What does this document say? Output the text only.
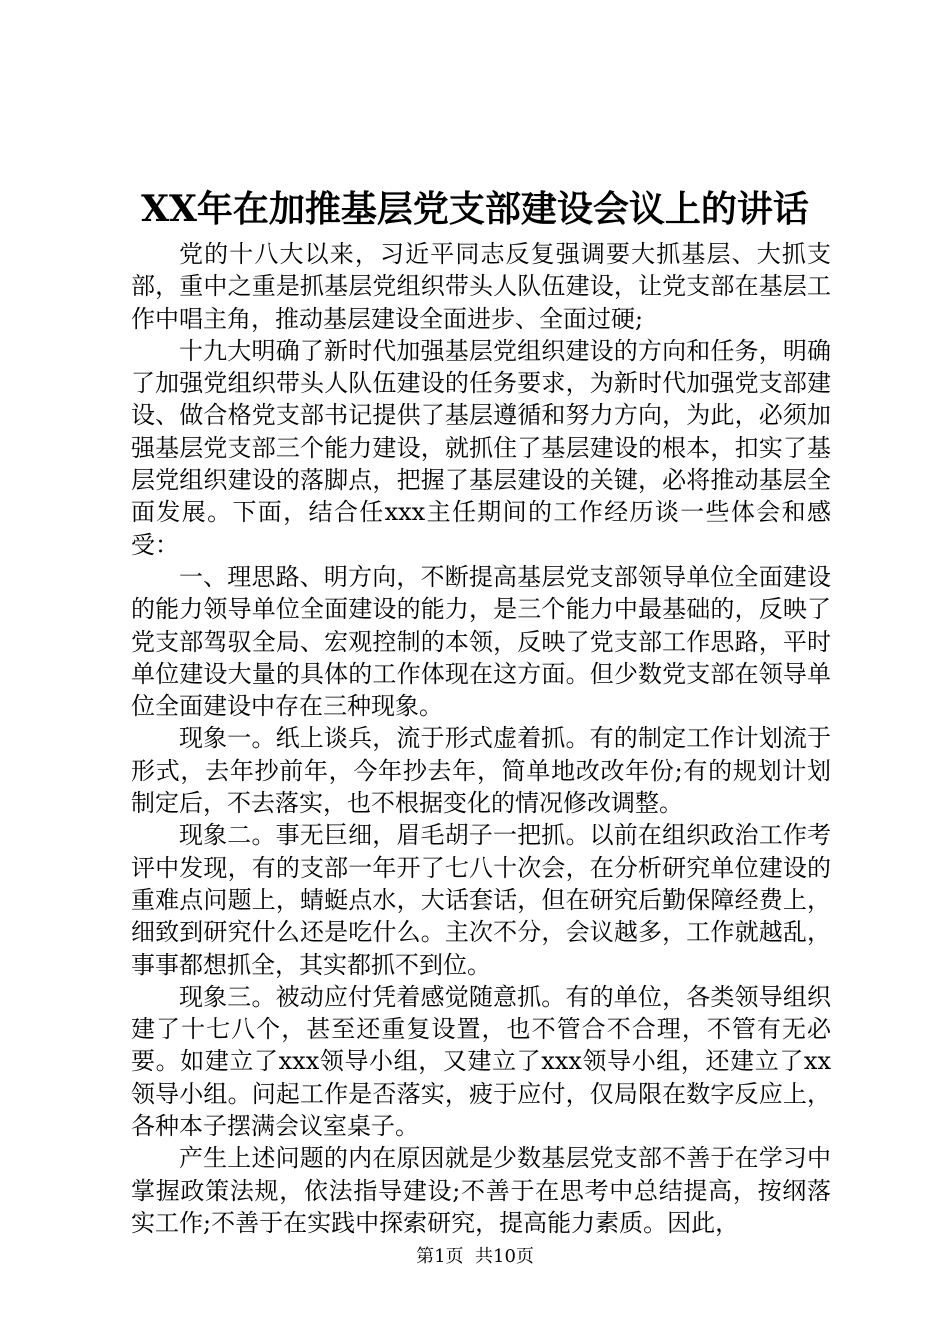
XX年在加推基层党支部建设会议上的讲话

党的十八大以来，习近平同志反复强调要大抓基层、大抓支部，重中之重是抓基层党组织带头人队伍建设，让党支部在基层工作中唱主角，推动基层建设全面进步、全面过硬;

十九大明确了新时代加强基层党组织建设的方向和任务，明确了加强党组织带头人队伍建设的任务要求，为新时代加强党支部建设、做合格党支部书记提供了基层遵循和努力方向，为此，必须加强基层党支部三个能力建设，就抓住了基层建设的根本，扣实了基层党组织建设的落脚点，把握了基层建设的关键，必将推动基层全面发展。下面，结合任xxx主任期间的工作经历谈一些体会和感受：

一、理思路、明方向，不断提高基层党支部领导单位全面建设的能力领导单位全面建设的能力，是三个能力中最基础的，反映了党支部驾驭全局、宏观控制的本领，反映了党支部工作思路，平时单位建设大量的具体的工作体现在这方面。但少数党支部在领导单位全面建设中存在三种现象。

现象一。纸上谈兵，流于形式虚着抓。有的制定工作计划流于形式，去年抄前年，今年抄去年，简单地改改年份;有的规划计划制定后，不去落实，也不根据变化的情况修改调整。

现象二。事无巨细，眉毛胡子一把抓。以前在组织政治工作考评中发现，有的支部一年开了七八十次会，在分析研究单位建设的重难点问题上，蜻蜓点水，大话套话，但在研究后勤保障经费上，细致到研究什么还是吃什么。主次不分，会议越多，工作就越乱，事事都想抓全，其实都抓不到位。

现象三。被动应付凭着感觉随意抓。有的单位，各类领导组织建了十七八个，甚至还重复设置，也不管合不合理，不管有无必要。如建立了xxx领导小组，又建立了xxx领导小组，还建立了xx领导小组。问起工作是否落实，疲于应付，仅局限在数字反应上，各种本子摆满会议室桌子。

产生上述问题的内在原因就是少数基层党支部不善于在学习中掌握政策法规，依法指导建设;不善于在思考中总结提高，按纲落实工作;不善于在实践中探索研究，提高能力素质。因此，

第1页  共10页
